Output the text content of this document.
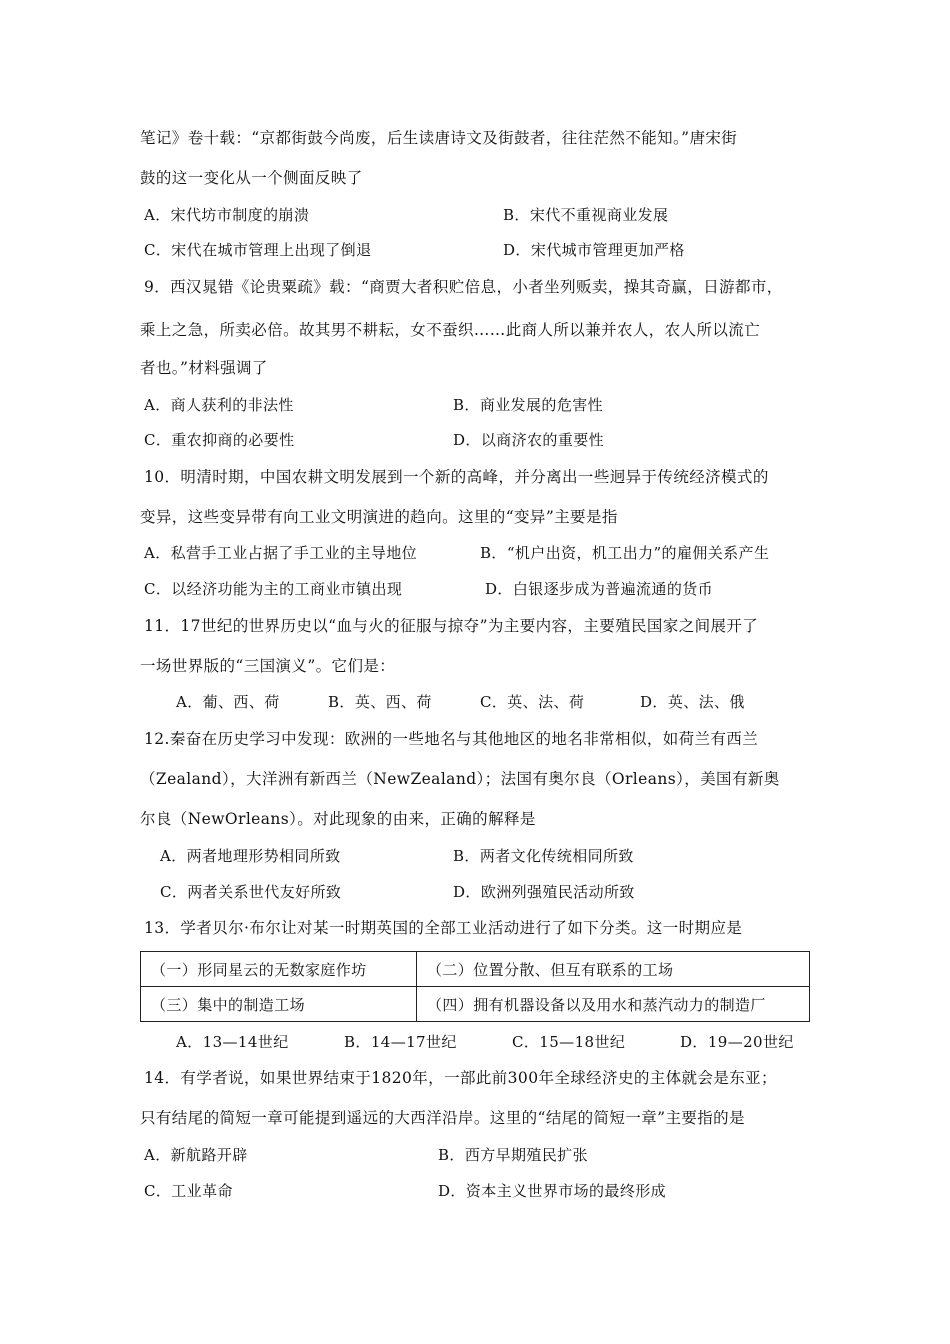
笔记》卷十载：“京都街鼓今尚废，后生读唐诗文及街鼓者，往往茫然不能知。”唐宋街
鼓的这一变化从一个侧面反映了
A．宋代坊市制度的崩溃	B．宋代不重视商业发展
C．宋代在城市管理上出现了倒退	D．宋代城市管理更加严格
9．西汉晁错《论贵粟疏》载：“商贾大者积贮倍息，小者坐列贩卖，操其奇赢，日游都市，
乘上之急，所卖必倍。故其男不耕耘，女不蚕织……此商人所以兼并农人，农人所以流亡
者也。”材料强调了
A．商人获利的非法性	B．商业发展的危害性
C．重农抑商的必要性	D．以商济农的重要性
10．明清时期，中国农耕文明发展到一个新的高峰，并分离出一些迥异于传统经济模式的
变异，这些变异带有向工业文明演进的趋向。这里的“变异”主要是指
A．私营手工业占据了手工业的主导地位	B．“机户出资，机工出力”的雇佣关系产生
C．以经济功能为主的工商业市镇出现	D．白银逐步成为普遍流通的货币
11．17世纪的世界历史以“血与火的征服与掠夺”为主要内容，主要殖民国家之间展开了
一场世界版的“三国演义”。它们是：
A．葡、西、荷	B．英、西、荷	C．英、法、荷	D．英、法、俄
12.秦奋在历史学习中发现：欧洲的一些地名与其他地区的地名非常相似，如荷兰有西兰
（Zealand），大洋洲有新西兰（NewZealand）；法国有奥尔良（Orleans），美国有新奥
尔良（NewOrleans）。对此现象的由来，正确的解释是
A．两者地理形势相同所致	B．两者文化传统相同所致
C．两者关系世代友好所致	D．欧洲列强殖民活动所致
13．学者贝尔·布尔让对某一时期英国的全部工业活动进行了如下分类。这一时期应是
（一）形同星云的无数家庭作坊	（二）位置分散、但互有联系的工场
（三）集中的制造工场	（四）拥有机器设备以及用水和蒸汽动力的制造厂
A．13—14世纪	B．14—17世纪	C．15—18世纪	D．19—20世纪
14．有学者说，如果世界结束于1820年，一部此前300年全球经济史的主体就会是东亚；
只有结尾的简短一章可能提到遥远的大西洋沿岸。这里的“结尾的简短一章”主要指的是
A．新航路开辟	B．西方早期殖民扩张
C．工业革命	D．资本主义世界市场的最终形成
